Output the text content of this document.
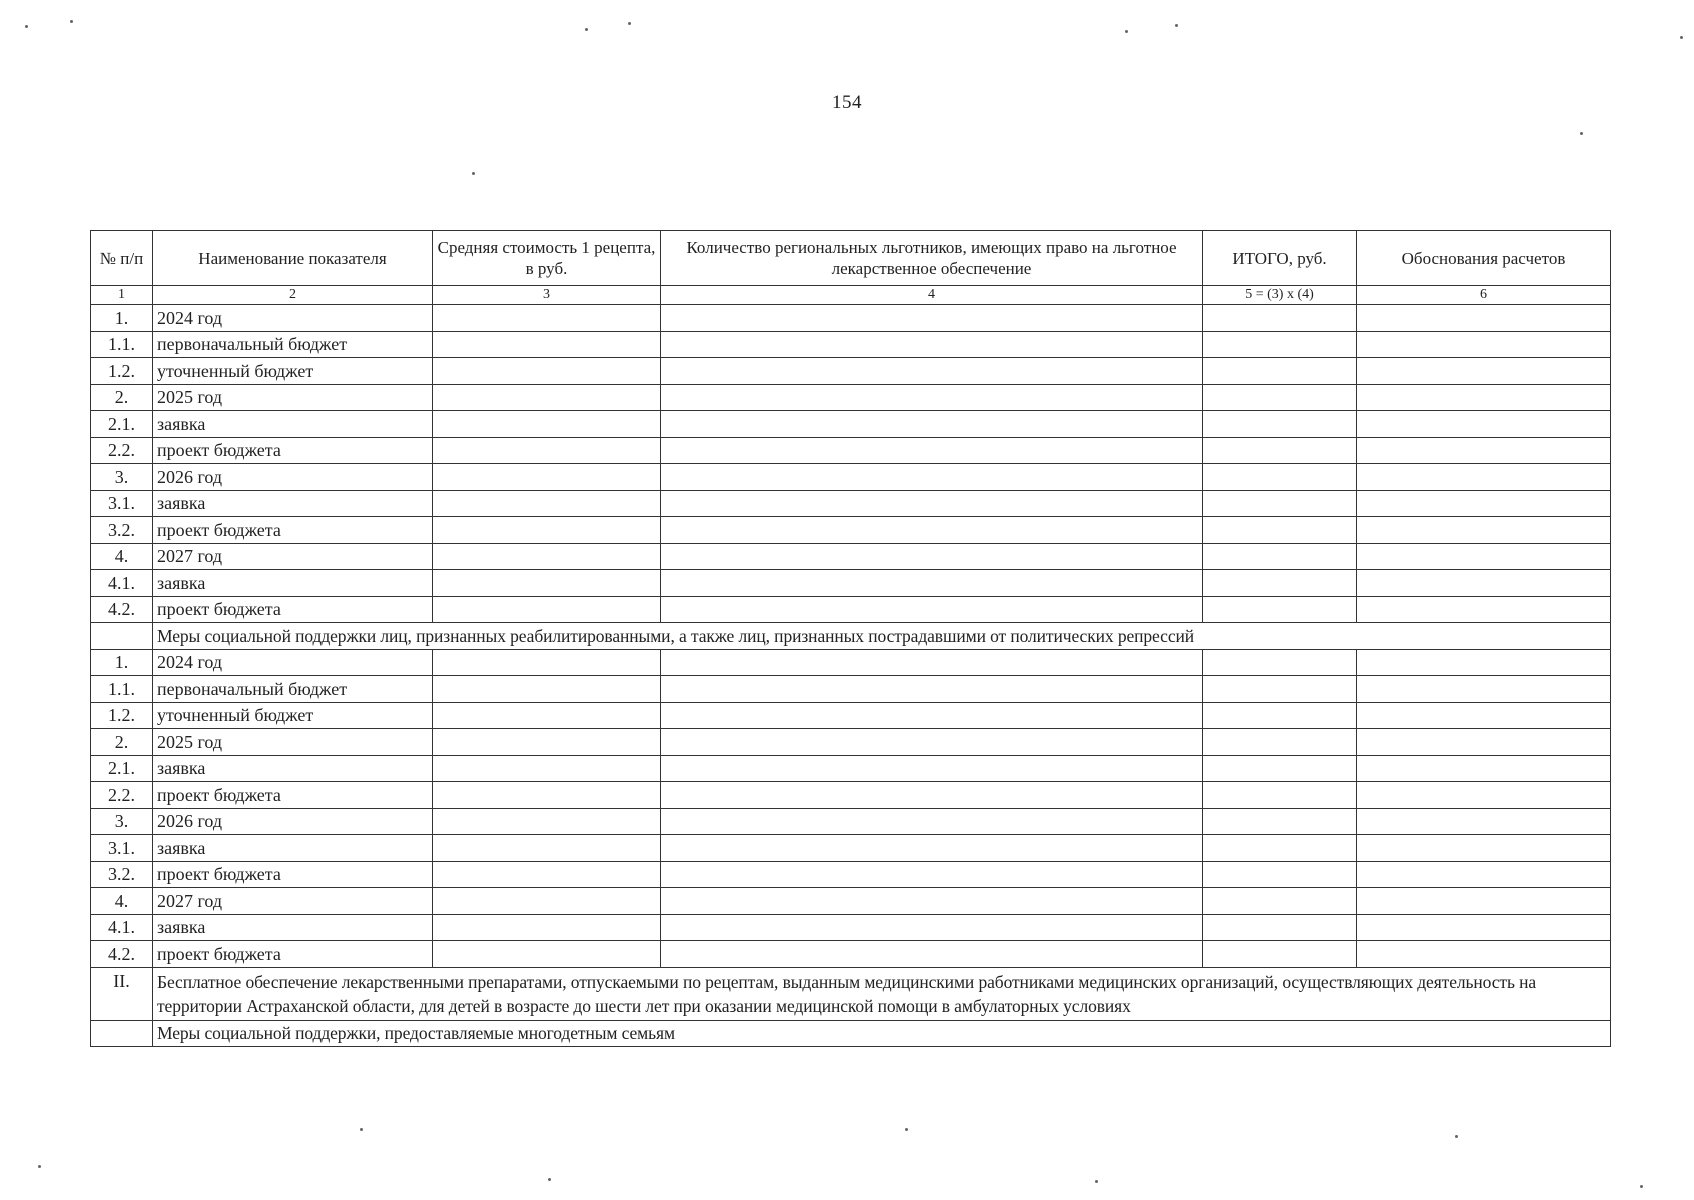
154
№ п/п	Наименование показателя	Средняя стоимость 1 рецепта, в руб.	Количество региональных льготников, имеющих право на льготное лекарственное обеспечение	ИТОГО, руб.	Обоснования расчетов
1	2	3	4	5 = (3) x (4)	6
1.	2024 год				
1.1.	первоначальный бюджет				
1.2.	уточненный бюджет				
2.	2025 год				
2.1.	заявка				
2.2.	проект бюджета				
3.	2026 год				
3.1.	заявка				
3.2.	проект бюджета				
4.	2027 год				
4.1.	заявка				
4.2.	проект бюджета				
	Меры социальной поддержки лиц, признанных реабилитированными, а также лиц, признанных пострадавшими от политических репрессий				
1.	2024 год				
1.1.	первоначальный бюджет				
1.2.	уточненный бюджет				
2.	2025 год				
2.1.	заявка				
2.2.	проект бюджета				
3.	2026 год				
3.1.	заявка				
3.2.	проект бюджета				
4.	2027 год				
4.1.	заявка				
4.2.	проект бюджета				
II.	Бесплатное обеспечение лекарственными препаратами, отпускаемыми по рецептам, выданным медицинскими работниками медицинских организаций, осуществляющих деятельность на территории Астраханской области, для детей в возрасте до шести лет при оказании медицинской помощи в амбулаторных условиях				
	Меры социальной поддержки, предоставляемые многодетным семьям				
